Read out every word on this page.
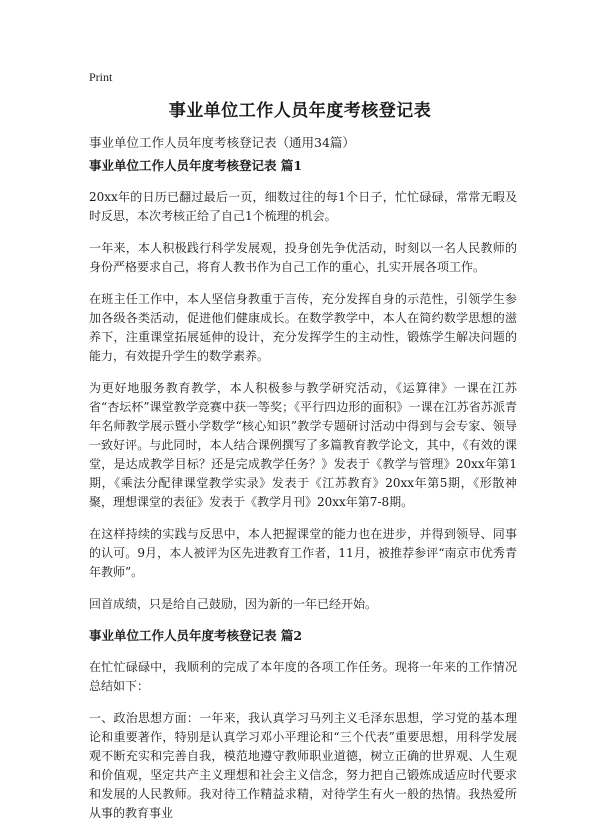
Print
事业单位工作人员年度考核登记表
事业单位工作人员年度考核登记表（通用34篇）
事业单位工作人员年度考核登记表 篇1

20xx年的日历已翻过最后一页，细数过往的每1个日子，忙忙碌碌，常常无暇及时反思，本次考核正给了自己1个梳理的机会。

一年来，本人积极践行科学发展观，投身创先争优活动，时刻以一名人民教师的身份严格要求自己，将育人教书作为自己工作的重心，扎实开展各项工作。

在班主任工作中，本人坚信身教重于言传，充分发挥自身的示范性，引领学生参加各级各类活动，促进他们健康成长。在数学教学中，本人在简约数学思想的滋养下，注重课堂拓展延伸的设计，充分发挥学生的主动性，锻炼学生解决问题的能力，有效提升学生的数学素养。

为更好地服务教育教学，本人积极参与教学研究活动，《运算律》一课在江苏省“杏坛杯”课堂教学竞赛中获一等奖；《平行四边形的面积》一课在江苏省苏派青年名师教学展示暨小学数学“核心知识”教学专题研讨活动中得到与会专家、领导一致好评。与此同时，本人结合课例撰写了多篇教育教学论文，其中，《有效的课堂，是达成教学目标？还是完成教学任务？》发表于《教学与管理》20xx年第1期，《乘法分配律课堂教学实录》发表于《江苏教育》20xx年第5期，《形散神聚，理想课堂的表征》发表于《教学月刊》20xx年第7-8期。

在这样持续的实践与反思中，本人把握课堂的能力也在进步，并得到领导、同事的认可。9月，本人被评为区先进教育工作者，11月，被推荐参评“南京市优秀青年教师”。

回首成绩，只是给自己鼓励，因为新的一年已经开始。

事业单位工作人员年度考核登记表 篇2

在忙忙碌碌中，我顺利的完成了本年度的各项工作任务。现将一年来的工作情况总结如下：

一、政治思想方面：一年来，我认真学习马列主义毛泽东思想，学习党的基本理论和重要著作，特别是认真学习邓小平理论和“三个代表”重要思想，用科学发展观不断充实和完善自我，模范地遵守教师职业道德，树立正确的世界观、人生观和价值观，坚定共产主义理想和社会主义信念，努力把自己锻炼成适应时代要求和发展的人民教师。我对待工作精益求精，对待学生有火一般的热情。我热爱所从事的教育事业
